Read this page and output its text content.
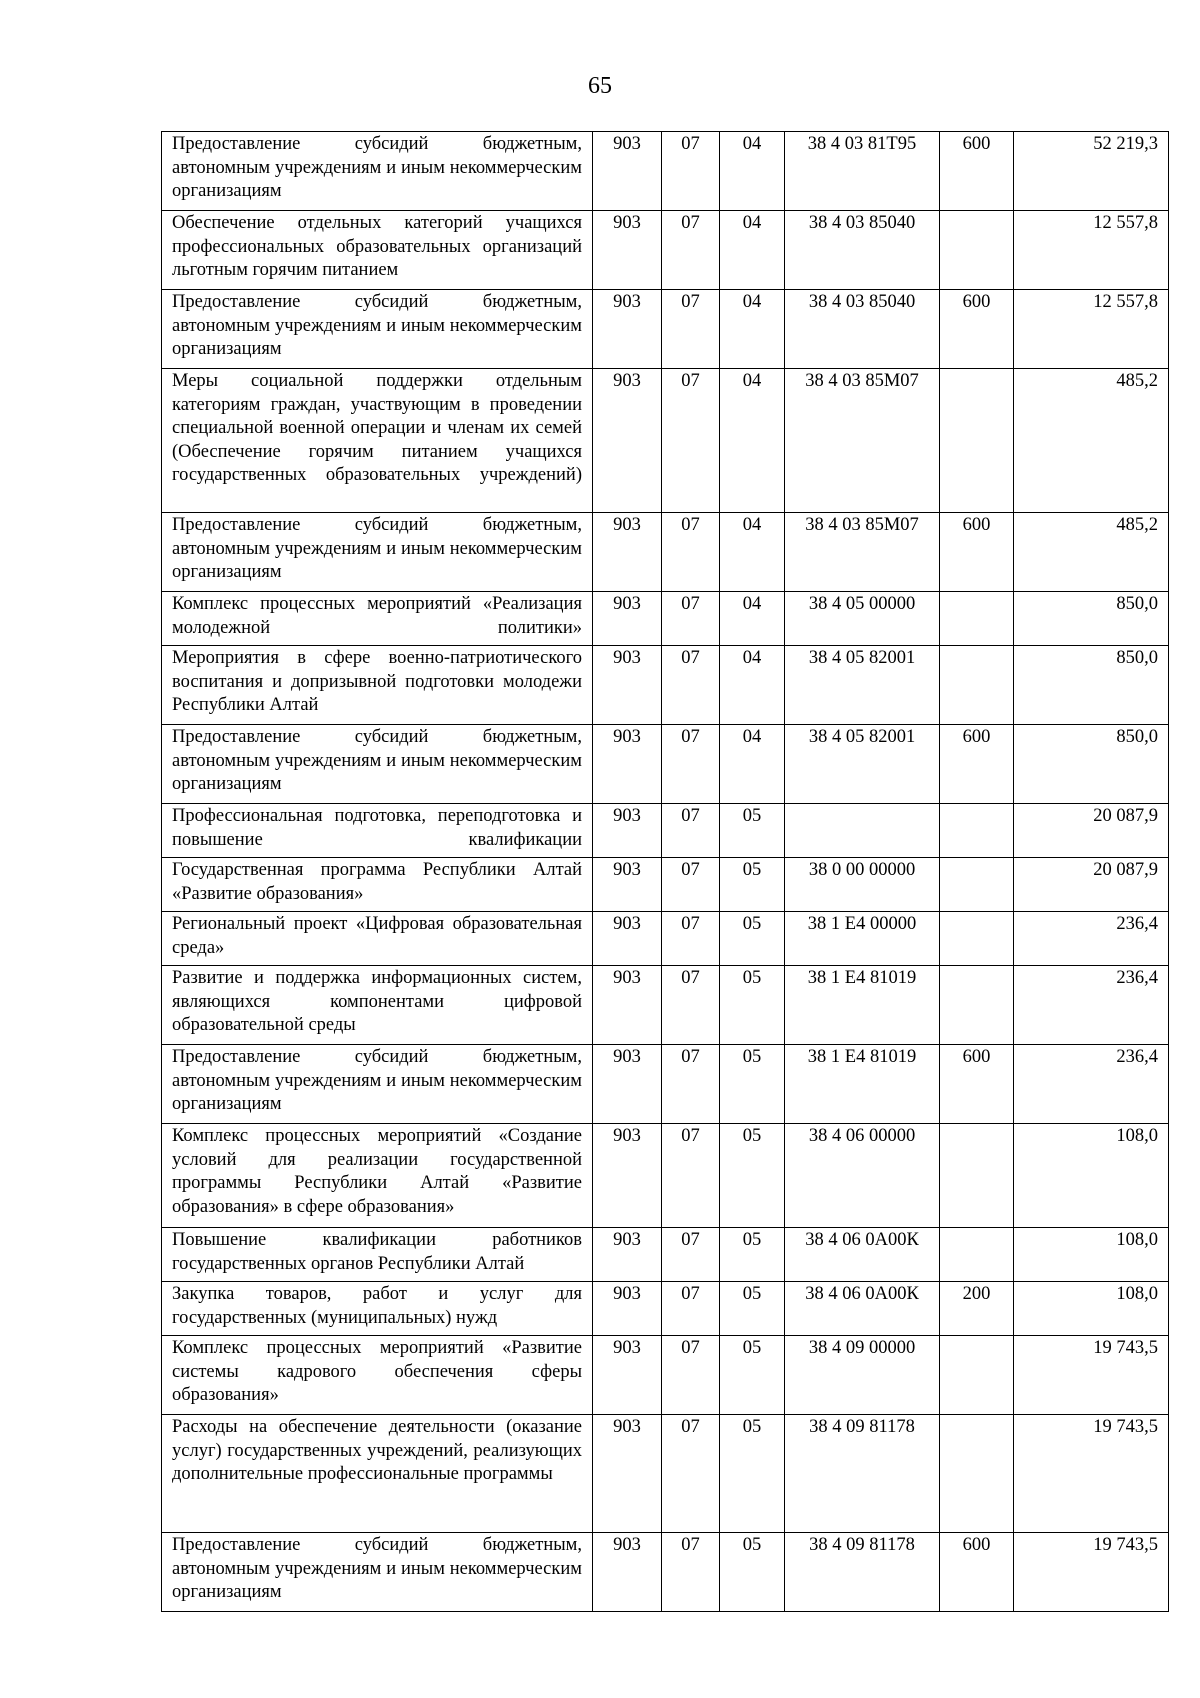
65
Предоставление субсидий бюджетным, автономным учреждениям и иным некоммерческим организациям	903	07	04	38 4 03 81Т95	600	52 219,3
Обеспечение отдельных категорий учащихся профессиональных образовательных организаций льготным горячим питанием	903	07	04	38 4 03 85040		12 557,8
Предоставление субсидий бюджетным, автономным учреждениям и иным некоммерческим организациям	903	07	04	38 4 03 85040	600	12 557,8
Меры социальной поддержки отдельным категориям граждан, участвующим в проведении специальной военной операции и членам их семей (Обеспечение горячим питанием учащихся государственных образовательных учреждений)	903	07	04	38 4 03 85М07		485,2
Предоставление субсидий бюджетным, автономным учреждениям и иным некоммерческим организациям	903	07	04	38 4 03 85М07	600	485,2
Комплекс процессных мероприятий «Реализация молодежной политики»	903	07	04	38 4 05 00000		850,0
Мероприятия в сфере военно-патриотического воспитания и допризывной подготовки молодежи Республики Алтай	903	07	04	38 4 05 82001		850,0
Предоставление субсидий бюджетным, автономным учреждениям и иным некоммерческим организациям	903	07	04	38 4 05 82001	600	850,0
Профессиональная подготовка, переподготовка и повышение квалификации	903	07	05			20 087,9
Государственная программа Республики Алтай «Развитие образования»	903	07	05	38 0 00 00000		20 087,9
Региональный проект «Цифровая образовательная среда»	903	07	05	38 1 Е4 00000		236,4
Развитие и поддержка информационных систем, являющихся компонентами цифровой образовательной среды	903	07	05	38 1 Е4 81019		236,4
Предоставление субсидий бюджетным, автономным учреждениям и иным некоммерческим организациям	903	07	05	38 1 Е4 81019	600	236,4
Комплекс процессных мероприятий «Создание условий для реализации государственной программы Республики Алтай «Развитие образования» в сфере образования»	903	07	05	38 4 06 00000		108,0
Повышение квалификации работников государственных органов Республики Алтай	903	07	05	38 4 06 0А00К		108,0
Закупка товаров, работ и услуг для государственных (муниципальных) нужд	903	07	05	38 4 06 0А00К	200	108,0
Комплекс процессных мероприятий «Развитие системы кадрового обеспечения сферы образования»	903	07	05	38 4 09 00000		19 743,5
Расходы на обеспечение деятельности (оказание услуг) государственных учреждений, реализующих дополнительные профессиональные программы	903	07	05	38 4 09 81178		19 743,5
Предоставление субсидий бюджетным, автономным учреждениям и иным некоммерческим организациям	903	07	05	38 4 09 81178	600	19 743,5
